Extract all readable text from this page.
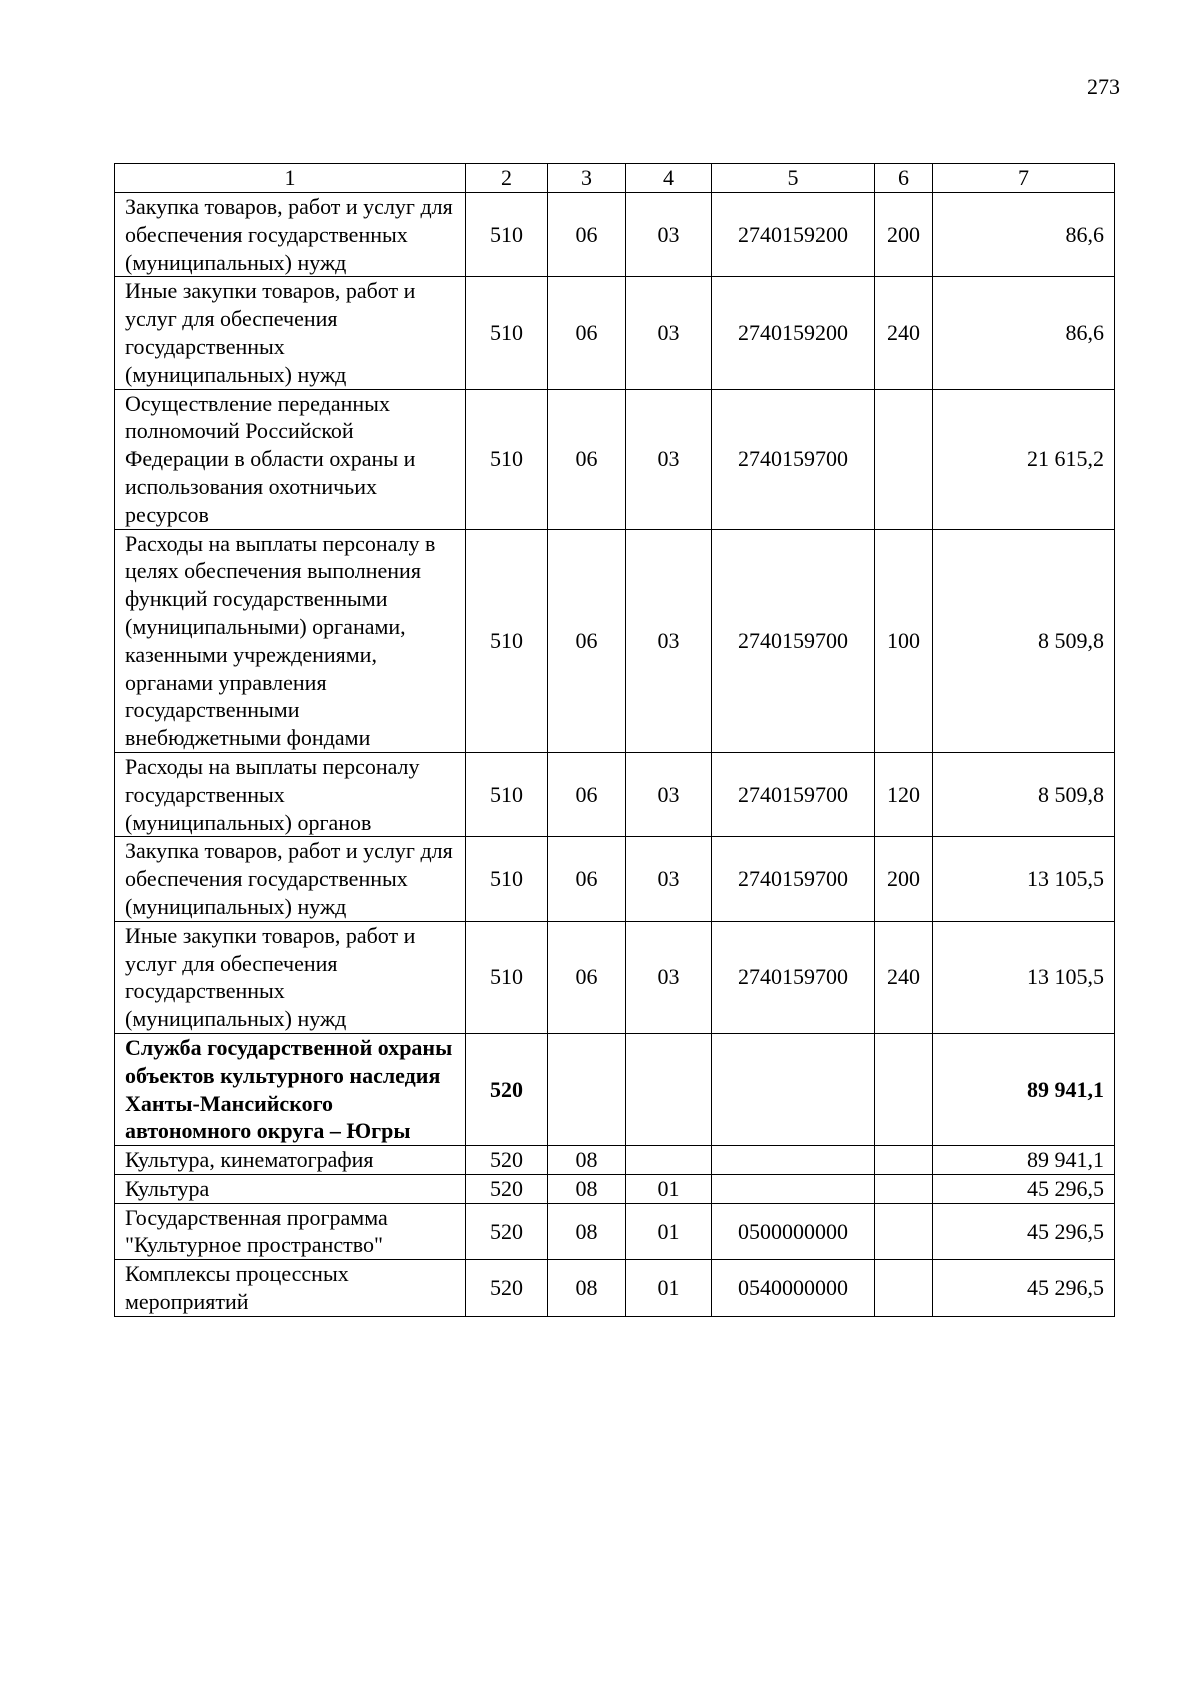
273
1	2	3	4	5	6	7
Закупка товаров, работ и услуг для обеспечения государственных (муниципальных) нужд	510	06	03	2740159200	200	86,6
Иные закупки товаров, работ и услуг для обеспечения государственных (муниципальных) нужд	510	06	03	2740159200	240	86,6
Осуществление переданных полномочий Российской Федерации в области охраны и использования охотничьих ресурсов	510	06	03	2740159700		21 615,2
Расходы на выплаты персоналу в целях обеспечения выполнения функций государственными (муниципальными) органами, казенными учреждениями, органами управления государственными внебюджетными фондами	510	06	03	2740159700	100	8 509,8
Расходы на выплаты персоналу государственных (муниципальных) органов	510	06	03	2740159700	120	8 509,8
Закупка товаров, работ и услуг для обеспечения государственных (муниципальных) нужд	510	06	03	2740159700	200	13 105,5
Иные закупки товаров, работ и услуг для обеспечения государственных (муниципальных) нужд	510	06	03	2740159700	240	13 105,5
Служба государственной охраны объектов культурного наследия Ханты-Мансийского автономного округа – Югры	520					89 941,1
Культура, кинематография	520	08				89 941,1
Культура	520	08	01			45 296,5
Государственная программа "Культурное пространство"	520	08	01	0500000000		45 296,5
Комплексы процессных мероприятий	520	08	01	0540000000		45 296,5
